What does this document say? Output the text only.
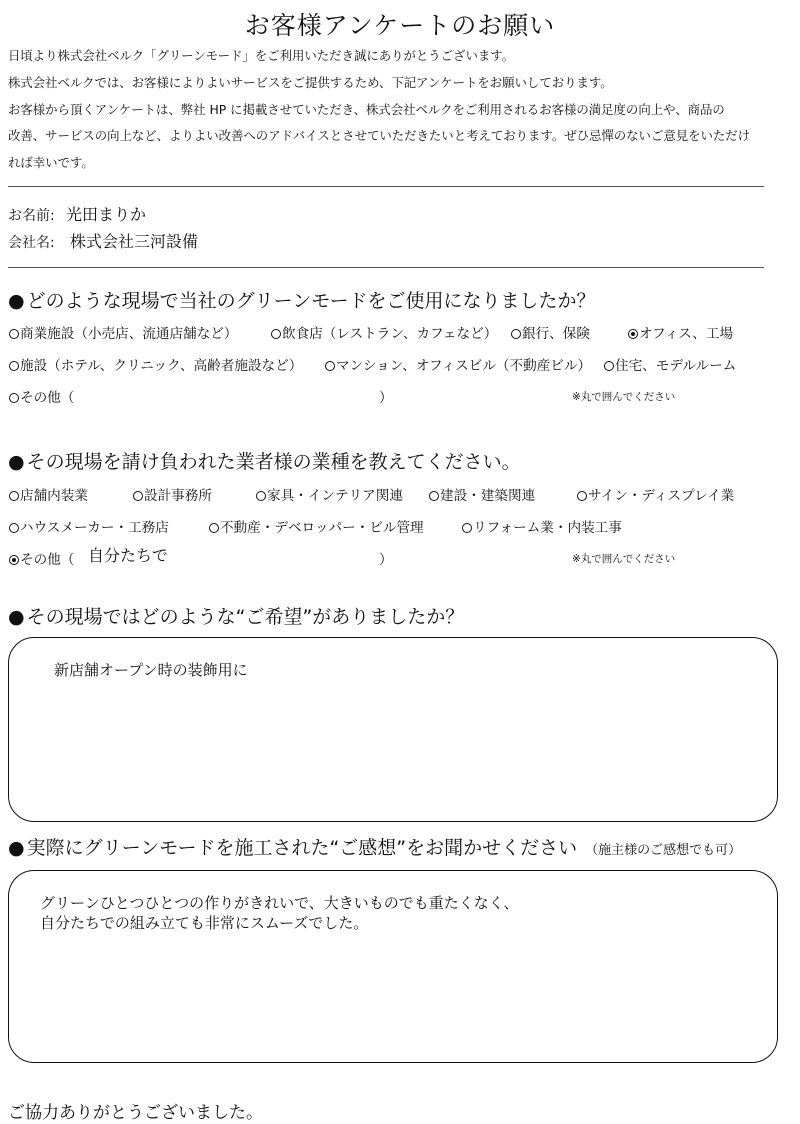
お客様アンケートのお願い
日頃より株式会社ベルク「グリーンモード」をご利用いただき誠にありがとうございます。
株式会社ベルクでは、お客様によりよいサービスをご提供するため、下記アンケートをお願いしております。
お客様から頂くアンケートは、弊社 HP に掲載させていただき、株式会社ベルクをご利用されるお客様の満足度の向上や、商品の
改善、サービスの向上など、よりよい改善へのアドバイスとさせていただきたいと考えております。ぜひ忌憚のないご意見をいただけ
れば幸いです。
お名前: 光田まりか
会社名: 株式会社三河設備
● どのような現場で当社のグリーンモードをご使用になりましたか？
商業施設（小売店、流通店舗など）	飲食店（レストラン、カフェなど）	銀行、保険	オフィス、工場
施設（ホテル、クリニック、高齢者施設など）	マンション、オフィスビル（不動産ビル）	住宅、モデルルーム
その他（	）	※丸で囲んでください
● その現場を請け負われた業者様の業種を教えてください。
店舗内装業	設計事務所	家具・インテリア関連	建設・建築関連	サイン・ディスプレイ業
ハウスメーカー・工務店	不動産・デベロッパー・ビル管理	リフォーム業・内装工事
その他（ 自分たちで	）	※丸で囲んでください
● その現場ではどのような“ご希望”がありましたか？
新店舗オープン時の装飾用に
● 実際にグリーンモードを施工された“ご感想”をお聞かせください （施主様のご感想でも可）
グリーンひとつひとつの作りがきれいで、大きいものでも重たくなく、
自分たちでの組み立ても非常にスムーズでした。
ご協力ありがとうございました。
